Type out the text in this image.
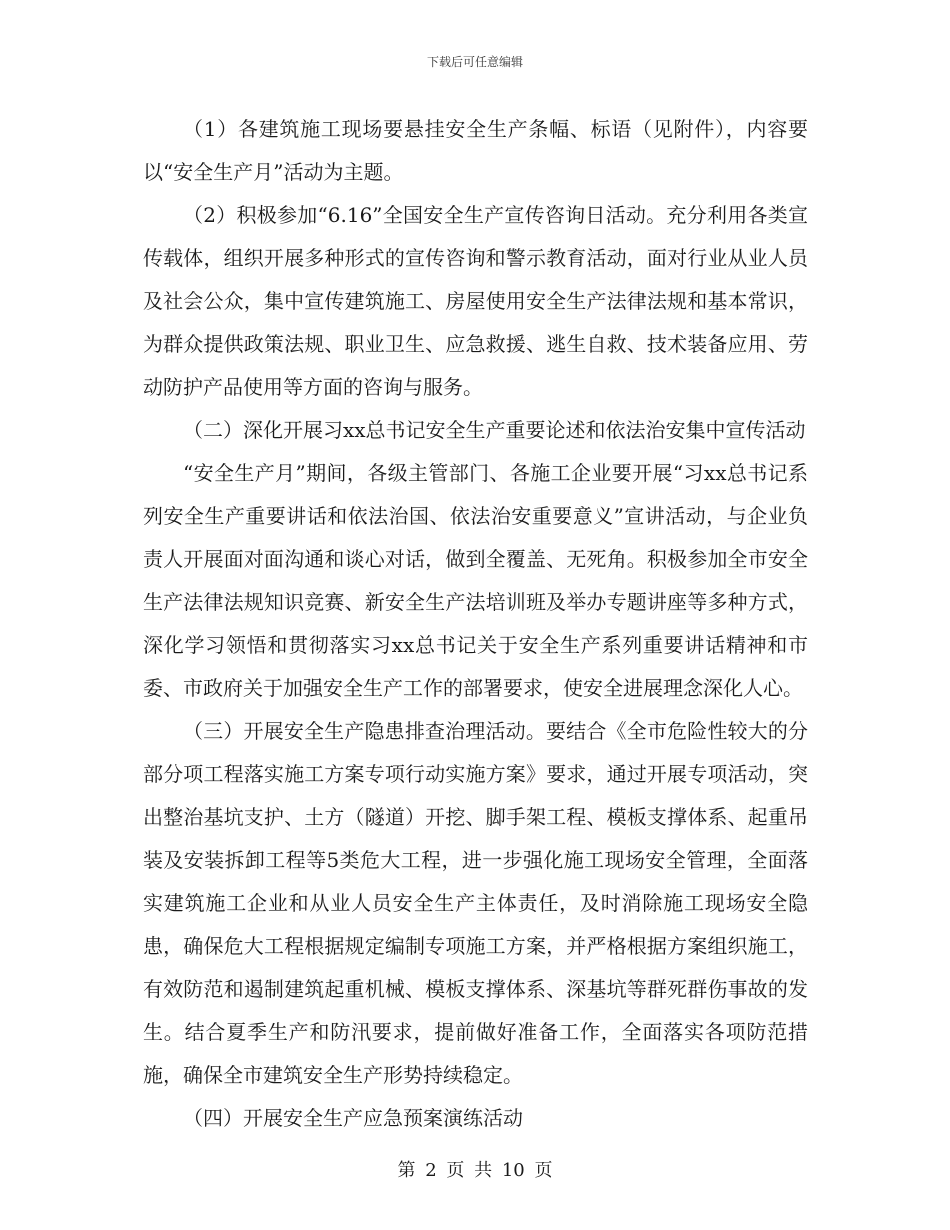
下载后可任意编辑

（1）各建筑施工现场要悬挂安全生产条幅、标语（见附件），内容要以“安全生产月”活动为主题。

（2）积极参加“6.16”全国安全生产宣传咨询日活动。充分利用各类宣传载体，组织开展多种形式的宣传咨询和警示教育活动，面对行业从业人员及社会公众，集中宣传建筑施工、房屋使用安全生产法律法规和基本常识，为群众提供政策法规、职业卫生、应急救援、逃生自救、技术装备应用、劳动防护产品使用等方面的咨询与服务。

（二）深化开展习xx总书记安全生产重要论述和依法治安集中宣传活动

“安全生产月”期间，各级主管部门、各施工企业要开展“习xx总书记系列安全生产重要讲话和依法治国、依法治安重要意义”宣讲活动，与企业负责人开展面对面沟通和谈心对话，做到全覆盖、无死角。积极参加全市安全生产法律法规知识竞赛、新安全生产法培训班及举办专题讲座等多种方式，深化学习领悟和贯彻落实习xx总书记关于安全生产系列重要讲话精神和市委、市政府关于加强安全生产工作的部署要求，使安全进展理念深化人心。

（三）开展安全生产隐患排查治理活动。要结合《全市危险性较大的分部分项工程落实施工方案专项行动实施方案》要求，通过开展专项活动，突出整治基坑支护、土方（隧道）开挖、脚手架工程、模板支撑体系、起重吊装及安装拆卸工程等5类危大工程，进一步强化施工现场安全管理，全面落实建筑施工企业和从业人员安全生产主体责任，及时消除施工现场安全隐患，确保危大工程根据规定编制专项施工方案，并严格根据方案组织施工，有效防范和遏制建筑起重机械、模板支撑体系、深基坑等群死群伤事故的发生。结合夏季生产和防汛要求，提前做好准备工作，全面落实各项防范措施，确保全市建筑安全生产形势持续稳定。

（四）开展安全生产应急预案演练活动

第 2 页 共 10 页
